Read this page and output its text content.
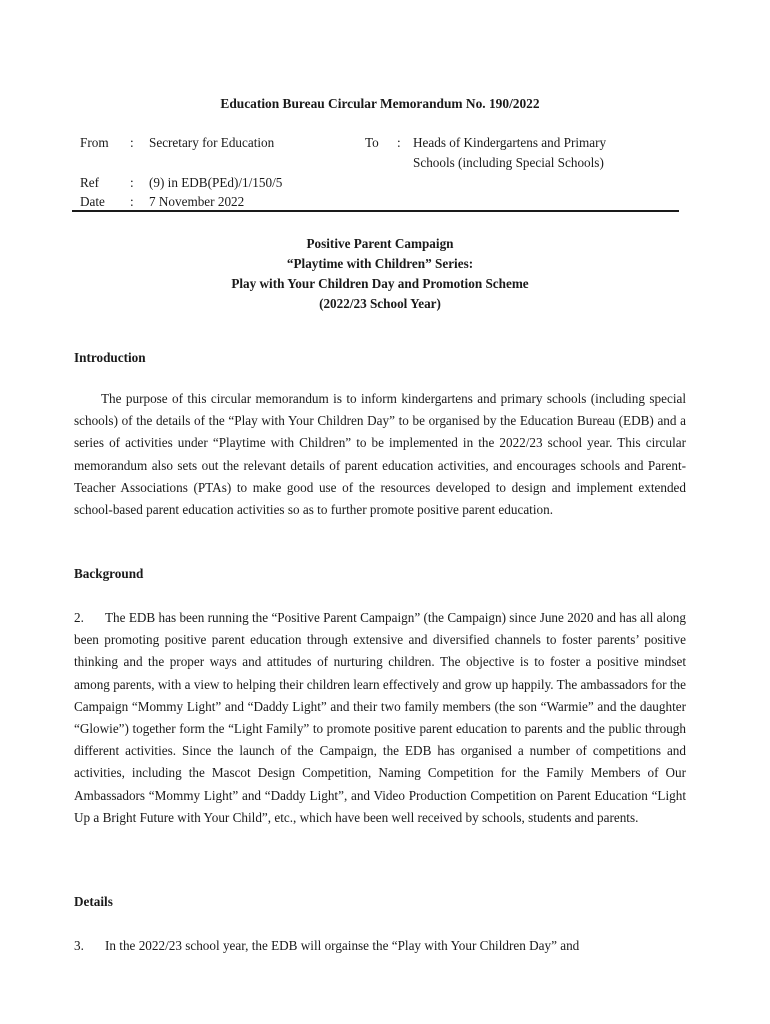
Education Bureau Circular Memorandum No. 190/2022
From : Secretary for Education	To : Heads of Kindergartens and Primary
Schools (including Special Schools)
Ref : (9) in EDB(PEd)/1/150/5
Date : 7 November 2022
Positive Parent Campaign
“Playtime with Children” Series:
Play with Your Children Day and Promotion Scheme
(2022/23 School Year)
Introduction

The purpose of this circular memorandum is to inform kindergartens and primary schools (including special schools) of the details of the “Play with Your Children Day” to be organised by the Education Bureau (EDB) and a series of activities under “Playtime with Children” to be implemented in the 2022/23 school year. This circular memorandum also sets out the relevant details of parent education activities, and encourages schools and Parent-Teacher Associations (PTAs) to make good use of the resources developed to design and implement extended school-based parent education activities so as to further promote positive parent education.

Background

2. The EDB has been running the “Positive Parent Campaign” (the Campaign) since June 2020 and has all along been promoting positive parent education through extensive and diversified channels to foster parents’ positive thinking and the proper ways and attitudes of nurturing children. The objective is to foster a positive mindset among parents, with a view to helping their children learn effectively and grow up happily. The ambassadors for the Campaign “Mommy Light” and “Daddy Light” and their two family members (the son “Warmie” and the daughter “Glowie”) together form the “Light Family” to promote positive parent education to parents and the public through different activities. Since the launch of the Campaign, the EDB has organised a number of competitions and activities, including the Mascot Design Competition, Naming Competition for the Family Members of Our Ambassadors “Mommy Light” and “Daddy Light”, and Video Production Competition on Parent Education “Light Up a Bright Future with Your Child”, etc., which have been well received by schools, students and parents.

Details

3. In the 2022/23 school year, the EDB will orgainse the “Play with Your Children Day” and
